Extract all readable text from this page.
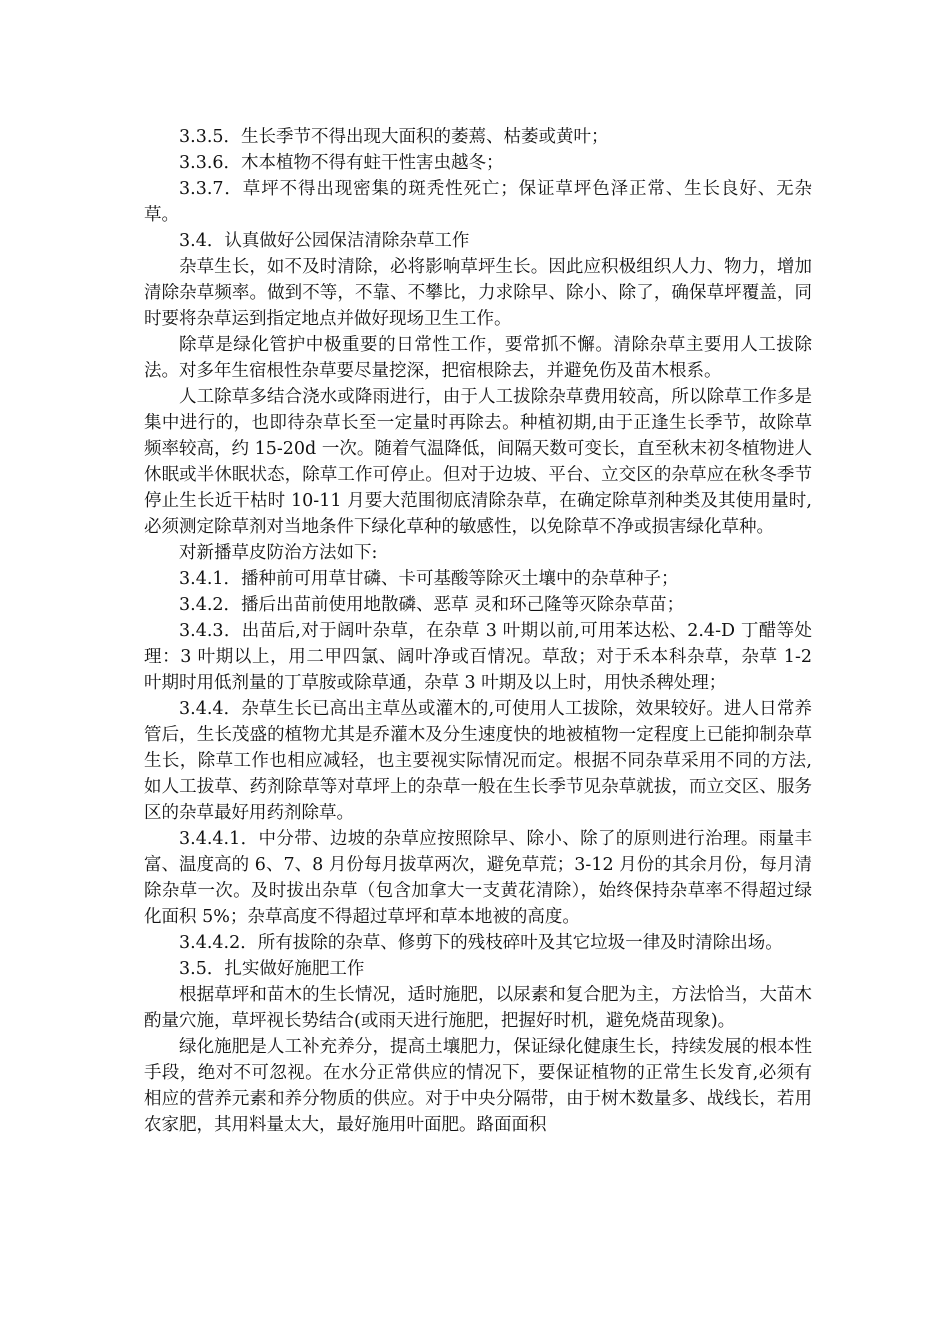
3.3.5．生长季节不得出现大面积的萎蔫、枯萎或黄叶；

3.3.6．木本植物不得有蛀干性害虫越冬；

3.3.7．草坪不得出现密集的斑秃性死亡；保证草坪色泽正常、生长良好、无杂草。

3.4．认真做好公园保洁清除杂草工作

杂草生长，如不及时清除，必将影响草坪生长。因此应积极组织人力、物力，增加清除杂草频率。做到不等，不靠、不攀比，力求除早、除小、除了，确保草坪覆盖，同时要将杂草运到指定地点并做好现场卫生工作。

除草是绿化管护中极重要的日常性工作，要常抓不懈。清除杂草主要用人工拔除法。对多年生宿根性杂草要尽量挖深，把宿根除去，并避免伤及苗木根系。

人工除草多结合浇水或降雨进行，由于人工拔除杂草费用较高，所以除草工作多是集中进行的，也即待杂草长至一定量时再除去。种植初期,由于正逢生长季节，故除草频率较高，约 15-20d 一次。随着气温降低，间隔天数可变长，直至秋末初冬植物进人休眠或半休眠状态，除草工作可停止。但对于边坡、平台、立交区的杂草应在秋冬季节停止生长近干枯时 10-11 月要大范围彻底清除杂草，在确定除草剂种类及其使用量时,必须测定除草剂对当地条件下绿化草种的敏感性，以免除草不净或损害绿化草种。

对新播草皮防治方法如下:

3.4.1．播种前可用草甘磷、卡可基酸等除灭土壤中的杂草种子；

3.4.2．播后出苗前使用地散磷、恶草 灵和环己隆等灭除杂草苗；

3.4.3．出苗后,对于阔叶杂草，在杂草 3 叶期以前,可用苯达松、2.4-D 丁醋等处理：3 叶期以上，用二甲四氯、阔叶净或百情况。草敌；对于禾本科杂草，杂草 1-2 叶期时用低剂量的丁草胺或除草通，杂草 3 叶期及以上时，用快杀稗处理；

3.4.4．杂草生长已高出主草丛或灌木的,可使用人工拔除，效果较好。进人日常养管后，生长茂盛的植物尤其是乔灌木及分生速度快的地被植物一定程度上已能抑制杂草生长，除草工作也相应减轻，也主要视实际情况而定。根据不同杂草采用不同的方法,如人工拔草、药剂除草等对草坪上的杂草一般在生长季节见杂草就拔，而立交区、服务区的杂草最好用药剂除草。

3.4.4.1．中分带、边坡的杂草应按照除早、除小、除了的原则进行治理。雨量丰富、温度高的 6、7、8 月份每月拔草两次，避免草荒；3-12 月份的其余月份，每月清除杂草一次。及时拔出杂草（包含加拿大一支黄花清除），始终保持杂草率不得超过绿化面积 5%；杂草高度不得超过草坪和草本地被的高度。

3.4.4.2．所有拔除的杂草、修剪下的残枝碎叶及其它垃圾一律及时清除出场。

3.5．扎实做好施肥工作

根据草坪和苗木的生长情况，适时施肥，以尿素和复合肥为主，方法恰当，大苗木酌量穴施，草坪视长势结合(或雨天进行施肥，把握好时机，避免烧苗现象)。

绿化施肥是人工补充养分，提高土壤肥力，保证绿化健康生长，持续发展的根本性手段，绝对不可忽视。在水分正常供应的情况下，要保证植物的正常生长发育,必须有相应的营养元素和养分物质的供应。对于中央分隔带，由于树木数量多、战线长，若用农家肥，其用料量太大，最好施用叶面肥。路面面积
